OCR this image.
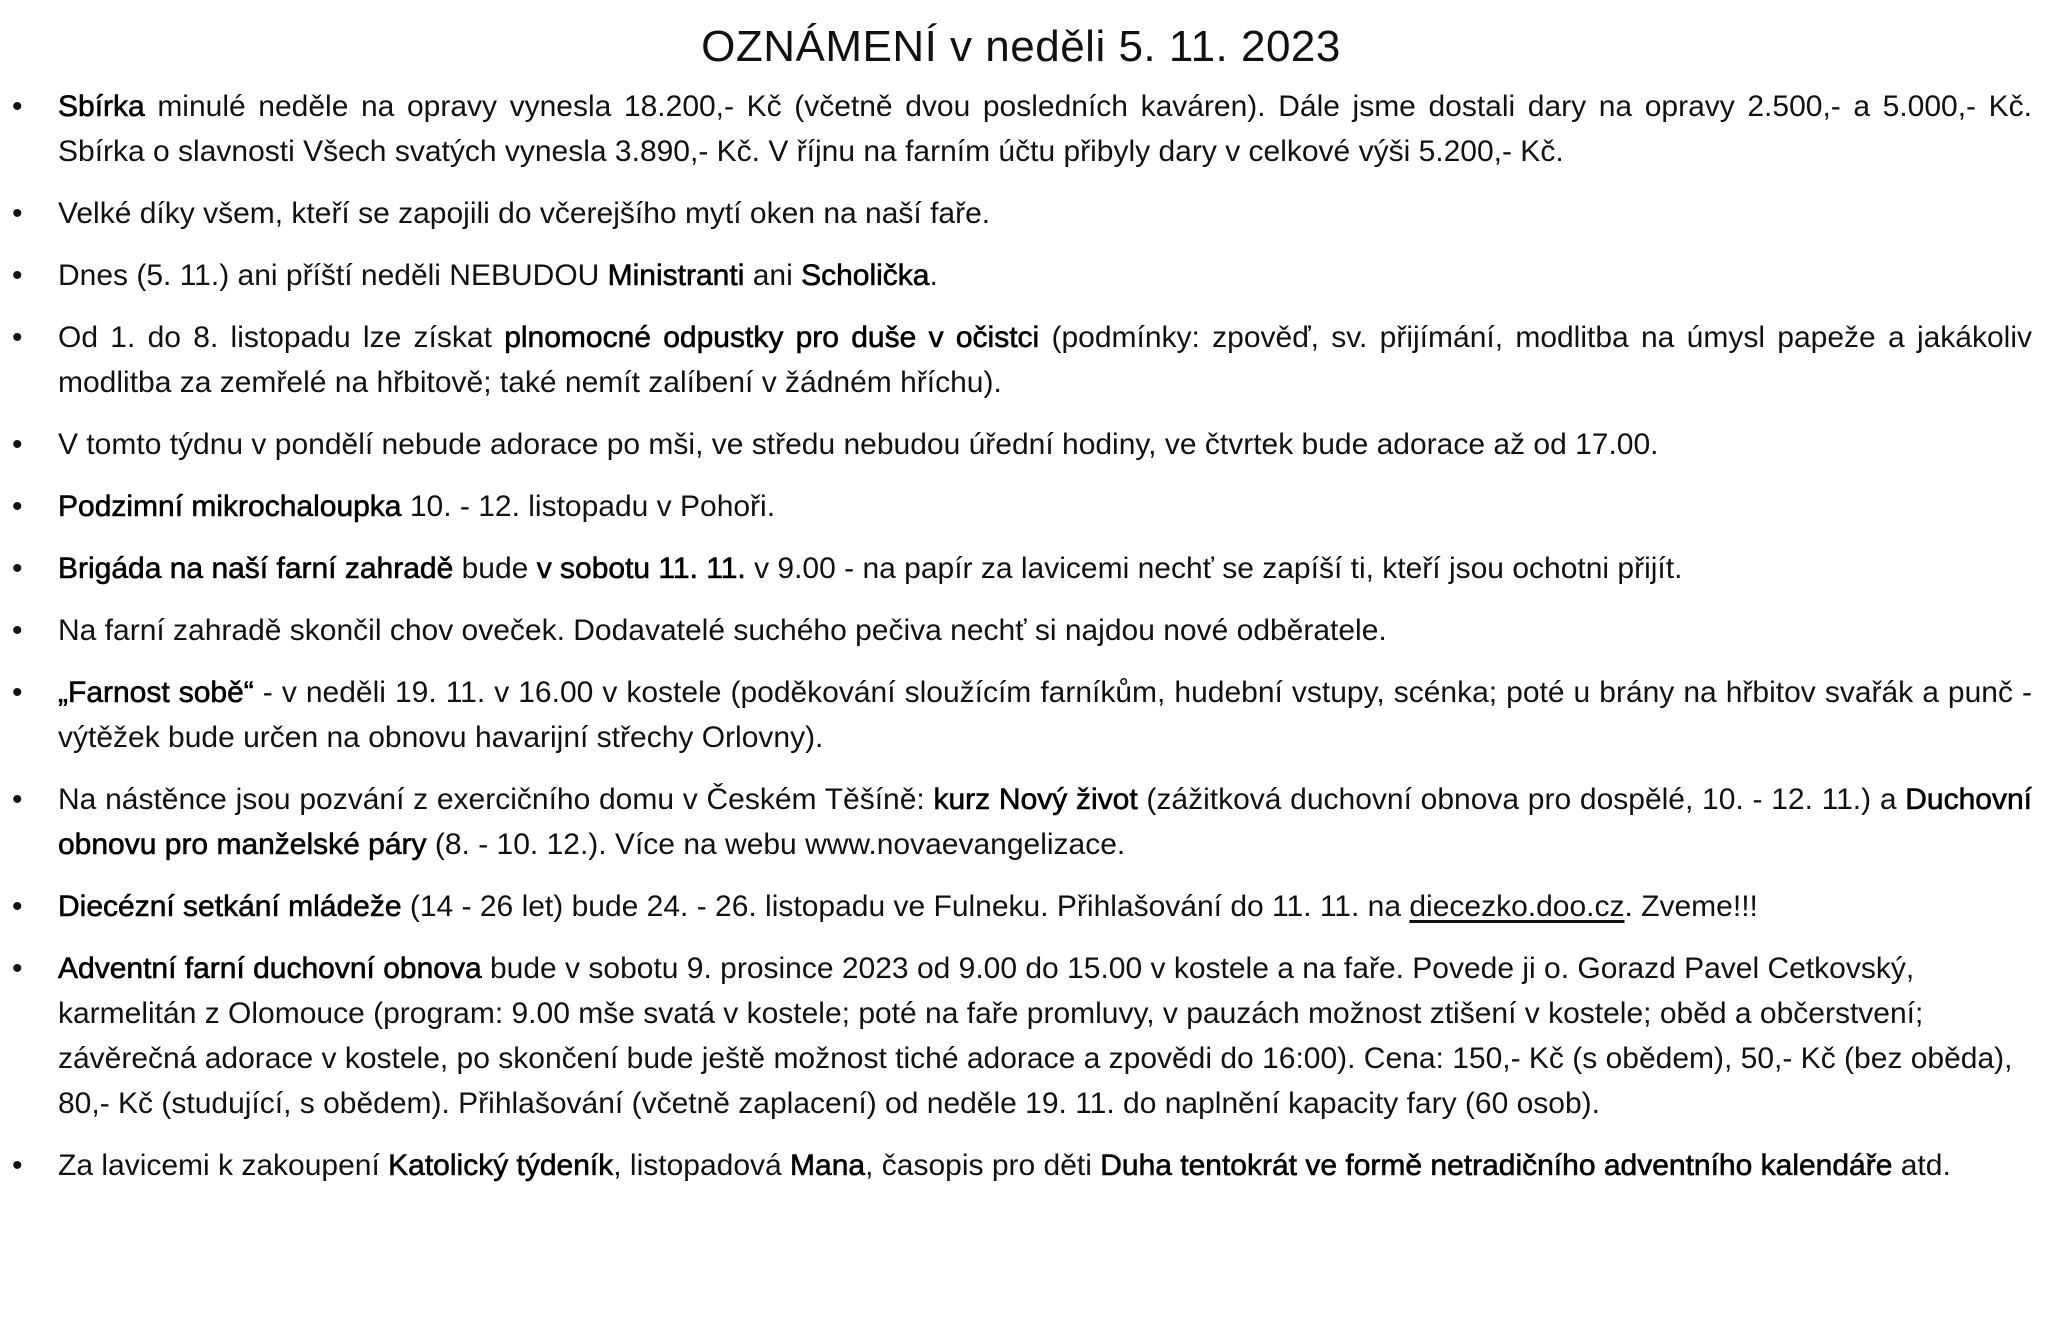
OZNÁMENÍ v neděli 5. 11. 2023
•	Sbírka minulé neděle na opravy vynesla 18.200,- Kč (včetně dvou posledních kaváren). Dále jsme dostali dary na opravy 2.500,- a 5.000,- Kč. Sbírka o slavnosti Všech svatých vynesla 3.890,- Kč. V říjnu na farním účtu přibyly dary v celkové výši 5.200,- Kč.
•	Velké díky všem, kteří se zapojili do včerejšího mytí oken na naší faře.
•	Dnes (5. 11.) ani příští neděli NEBUDOU Ministranti ani Scholička.
•	Od 1. do 8. listopadu lze získat plnomocné odpustky pro duše v očistci (podmínky: zpověď, sv. přijímání, modlitba na úmysl papeže a jakákoliv modlitba za zemřelé na hřbitově; také nemít zalíbení v žádném hříchu).
•	V tomto týdnu v pondělí nebude adorace po mši, ve středu nebudou úřední hodiny, ve čtvrtek bude adorace až od 17.00.
•	Podzimní mikrochaloupka 10. - 12. listopadu v Pohoři.
•	Brigáda na naší farní zahradě bude v sobotu 11. 11. v 9.00 - na papír za lavicemi nechť se zapíší ti, kteří jsou ochotni přijít.
•	Na farní zahradě skončil chov oveček. Dodavatelé suchého pečiva nechť si najdou nové odběratele.
•	„Farnost sobě“ - v neděli 19. 11. v 16.00 v kostele (poděkování sloužícím farníkům, hudební vstupy, scénka; poté u brány na hřbitov svařák a punč - výtěžek bude určen na obnovu havarijní střechy Orlovny).
•	Na nástěnce jsou pozvání z exercičního domu v Českém Těšíně: kurz Nový život (zážitková duchovní obnova pro dospělé, 10. - 12. 11.) a Duchovní obnovu pro manželské páry (8. - 10. 12.). Více na webu www.novaevangelizace.
•	Diecézní setkání mládeže (14 - 26 let) bude 24. - 26. listopadu ve Fulneku. Přihlašování do 11. 11. na diecezko.doo.cz. Zveme!!!
•	Adventní farní duchovní obnova bude v sobotu 9. prosince 2023 od 9.00 do 15.00 v kostele a na faře. Povede ji o. Gorazd Pavel Cetkovský, karmelitán z Olomouce (program: 9.00 mše svatá v kostele; poté na faře promluvy, v pauzách možnost ztišení v kostele; oběd a občerstvení; závěrečná adorace v kostele, po skončení bude ještě možnost tiché adorace a zpovědi do 16:00). Cena: 150,- Kč (s obědem), 50,- Kč (bez oběda), 80,- Kč (studující, s obědem). Přihlašování (včetně zaplacení) od neděle 19. 11. do naplnění kapacity fary (60 osob).
•	Za lavicemi k zakoupení Katolický týdeník, listopadová Mana, časopis pro děti Duha tentokrát ve formě netradičního adventního kalendáře atd.
